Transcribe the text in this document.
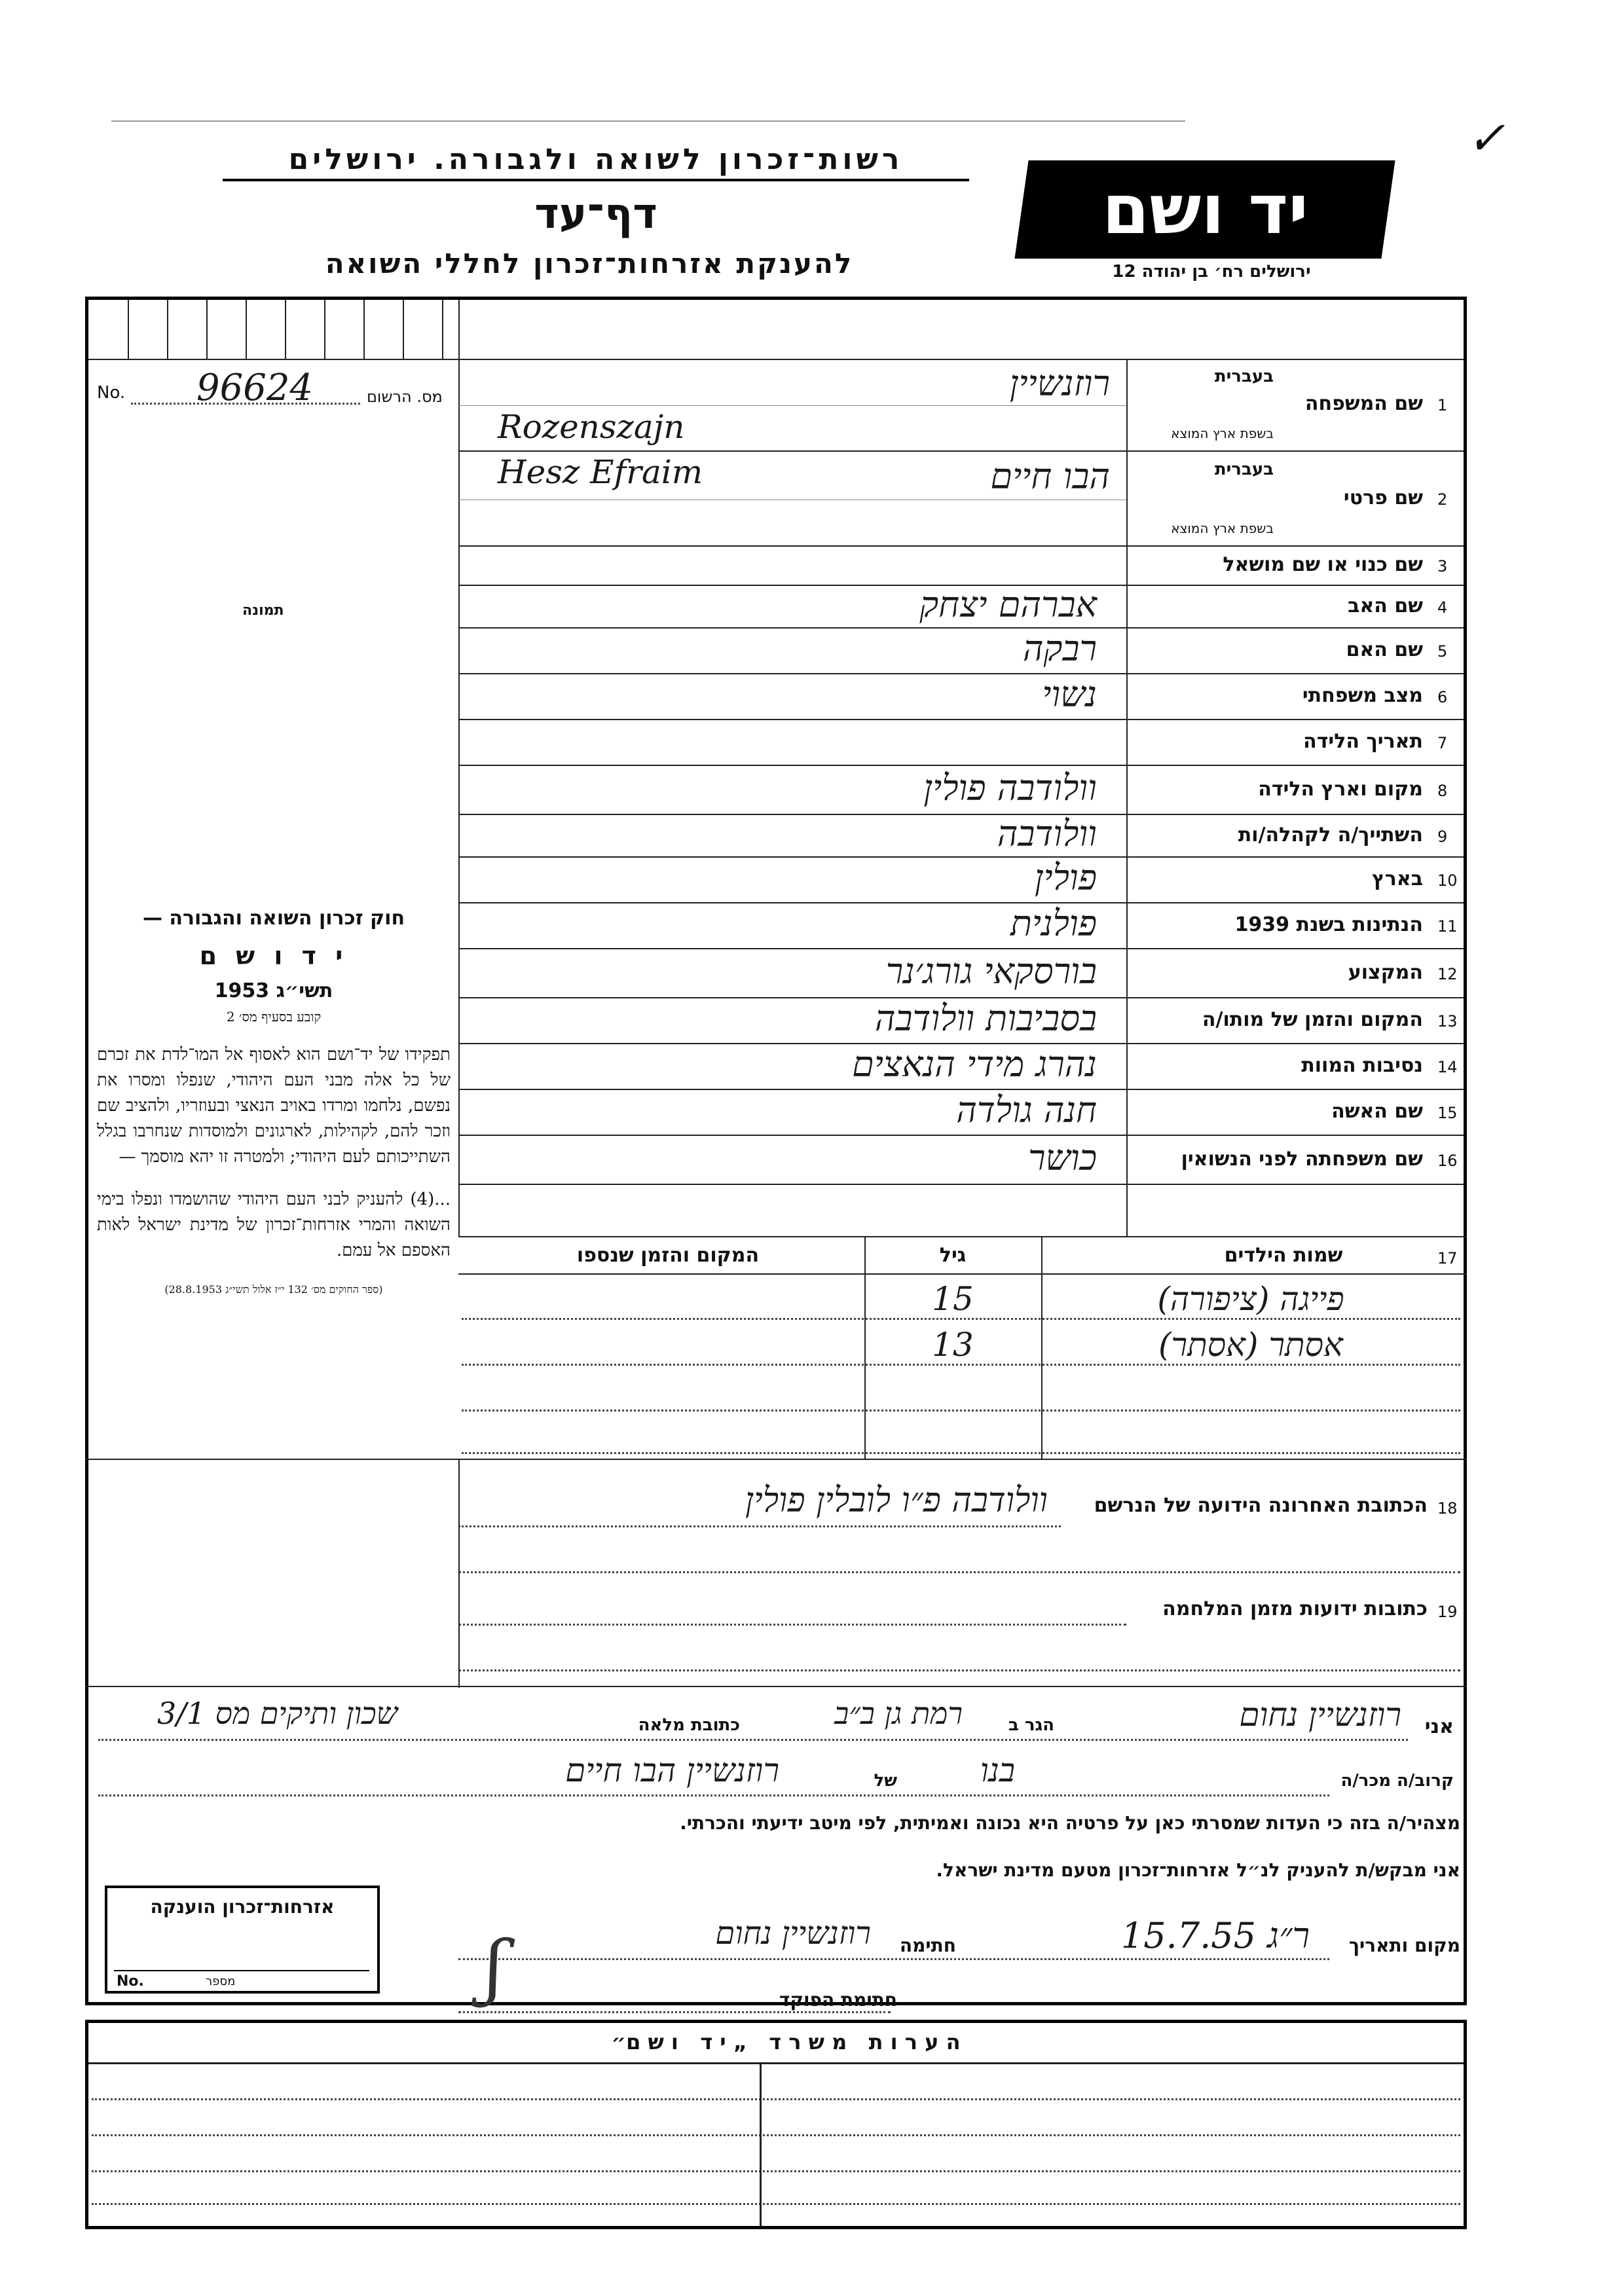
✓
רשות־זכרון לשואה ולגבורה. ירושלים
דף־עד
להענקת אזרחות־זכרון לחללי השואה
יד ושם
ירושלים רח׳ בן יהודה 12
No. 96624	מס. הרשום
תמונה
חוק זכרון השואה והגבורה —
י ד ו ש ם
תשי״ג 1953
קובע בסעיף מס׳ 2
תפקידו של יד־ושם הוא לאסוף אל המו־לדת את זכרם של כל אלה מבני העם היהודי, שנפלו ומסרו את נפשם, נלחמו ומרדו באויב הנאצי ובעוזריו, ולהציב שם וזכר להם, לקהילות, לארגונים ולמוסדות שנחרבו בגלל השתייכותם לעם היהודי; ולמטרה זו יהא מוסמך —
...(4) להעניק לבני העם היהודי שהושמדו ונפלו בימי השואה והמרי אזרחות־זכרון של מדינת ישראל לאות האספם אל עמם.
(ספר החוקים מס׳ 132 י״ז אלול תשי״ג 28.8.1953)
1
שם המשפחה
בעברית
בשפת ארץ המוצא
רוזנשיין
Rozenszajn
2
שם פרטי
בעברית
בשפת ארץ המוצא
הבו חיים
Hesz Efraim
3
שם כנוי או שם מושאל
4
שם האב
אברהם יצחק
5
שם האם
רבקה
6
מצב משפחתי
נשוי
7
תאריך הלידה
8
מקום וארץ הלידה
וולודבה פולין
9
השתייך/ה לקהלה/ות
וולודבה
10
בארץ
פולין
11
הנתינות בשנת 1939
פולנית
12
המקצוע
בורסקאי גורג׳נר
13
המקום והזמן של מותו/ה
בסביבות וולודבה
14
נסיבות המוות
נהרג מידי הנאצים
15
שם האשה
חנה גולדה
16
שם משפחתה לפני הנשואין
כושר
17
שמות הילדים
גיל
המקום והזמן שנספו
פייגה (ציפורה)
15
אסתר (אסתר)
13
18
הכתובת האחרונה הידועה של הנרשם
וולודבה פ״ו לובלין פולין
19
כתובות ידועות מזמן המלחמה
אני
רוזנשיין נחום
הגר ב
רמת גן ב״ב
כתובת מלאה
שכון ותיקים מס 3/1
קרוב/ה מכר/ה
בנו
של
רוזנשיין הבו חיים
מצהיר/ה בזה כי העדות שמסרתי כאן על פרטיה היא נכונה ואמיתית, לפי מיטב ידיעתי והכרתי.
אני מבקש/ת להעניק לנ״ל אזרחות־זכרון מטעם מדינת ישראל.
אזרחות־זכרון הוענקה
No.	מספר
מקום ותאריך
ר״ג 15.7.55
חתימה
רוזנשיין נחום
חתימת הפוקד
ʃ
ה ע ר ו ת   מ ש ר ד   „ י ד   ו ש ם״
